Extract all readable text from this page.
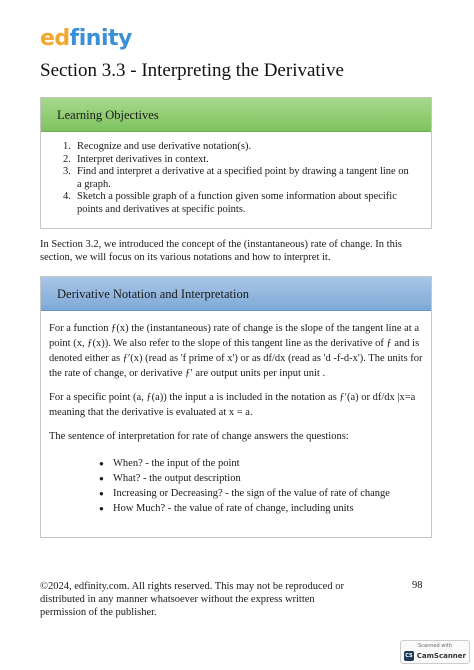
edfinity
Section 3.3 - Interpreting the Derivative
Learning Objectives
1. Recognize and use derivative notation(s).
2. Interpret derivatives in context.
3. Find and interpret a derivative at a specified point by drawing a tangent line on a graph.
4. Sketch a possible graph of a function given some information about specific points and derivatives at specific points.

In Section 3.2, we introduced the concept of the (instantaneous) rate of change. In this section, we will focus on its various notations and how to interpret it.

Derivative Notation and Interpretation

For a function ƒ(x) the (instantaneous) rate of change is the slope of the tangent line at a point (x, ƒ(x)). We also refer to the slope of this tangent line as the derivative of ƒ and is denoted either as ƒ′(x) (read as 'f prime of x') or as df/dx (read as 'd -f-d-x'). The units for the rate of change, or derivative ƒ′ are output units per input unit .

For a specific point (a, ƒ(a)) the input a is included in the notation as ƒ′(a) or df/dx |x=a meaning that the derivative is evaluated at x = a.

The sentence of interpretation for rate of change answers the questions:

● When? - the input of the point
● What? - the output description
● Increasing or Decreasing? - the sign of the value of rate of change
● How Much? - the value of rate of change, including units

©2024, edfinity.com. All rights reserved. This may not be reproduced or distributed in any manner whatsoever without the express written permission of the publisher.

98
Scanned with
CS CamScanner
